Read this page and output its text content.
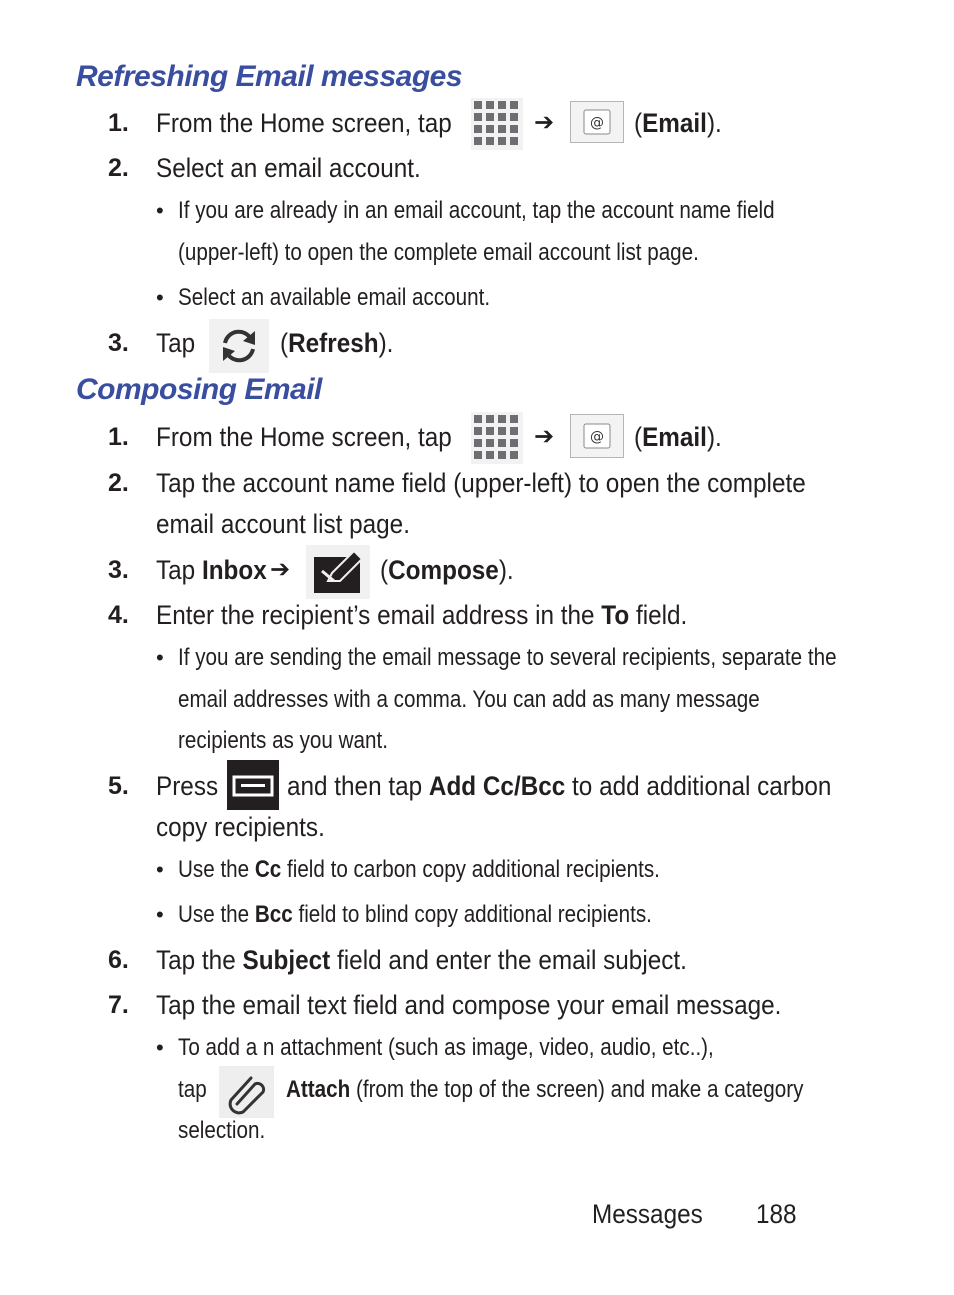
Refreshing Email messages
1. From the Home screen, tap	➔	@ (Email).
2. Select an email account.
• If you are already in an email account, tap the account name field
(upper-left) to open the complete email account list page.
• Select an available email account.
3. Tap	(Refresh).
Composing Email
1. From the Home screen, tap	➔	@ (Email).
2. Tap the account name field (upper-left) to open the complete
email account list page.
3. Tap Inbox ➔	(Compose).
4. Enter the recipient’s email address in the To field.
• If you are sending the email message to several recipients, separate the
email addresses with a comma. You can add as many message
recipients as you want.
5. Press	and then tap Add Cc/Bcc to add additional carbon
copy recipients.
• Use the Cc field to carbon copy additional recipients.
• Use the Bcc field to blind copy additional recipients.
6. Tap the Subject field and enter the email subject.
7. Tap the email text field and compose your email message.
• To add a n attachment (such as image, video, audio, etc..),
tap	Attach (from the top of the screen) and make a category
selection.
Messages 188
